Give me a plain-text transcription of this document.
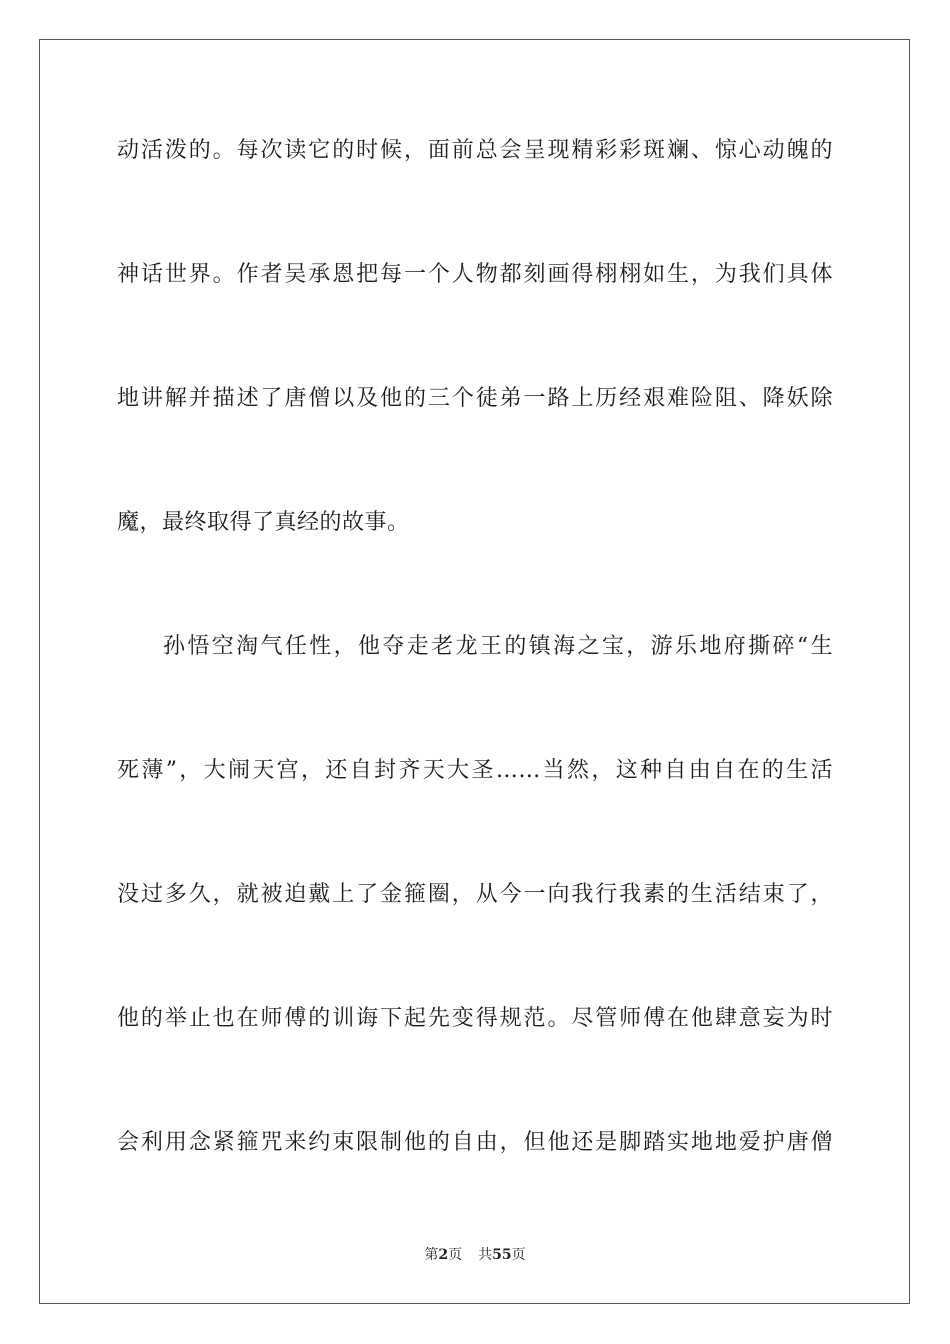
动活泼的。每次读它的时候，面前总会呈现精彩彩斑斓、惊心动魄的
神话世界。作者吴承恩把每一个人物都刻画得栩栩如生，为我们具体
地讲解并描述了唐僧以及他的三个徒弟一路上历经艰难险阻、降妖除
魔，最终取得了真经的故事。
孙悟空淘气任性，他夺走老龙王的镇海之宝，游乐地府撕碎“生
死薄”，大闹天宫，还自封齐天大圣……当然，这种自由自在的生活
没过多久，就被迫戴上了金箍圈，从今一向我行我素的生活结束了，
他的举止也在师傅的训诲下起先变得规范。尽管师傅在他肆意妄为时
会利用念紧箍咒来约束限制他的自由，但他还是脚踏实地地爱护唐僧
第2页 共55页
